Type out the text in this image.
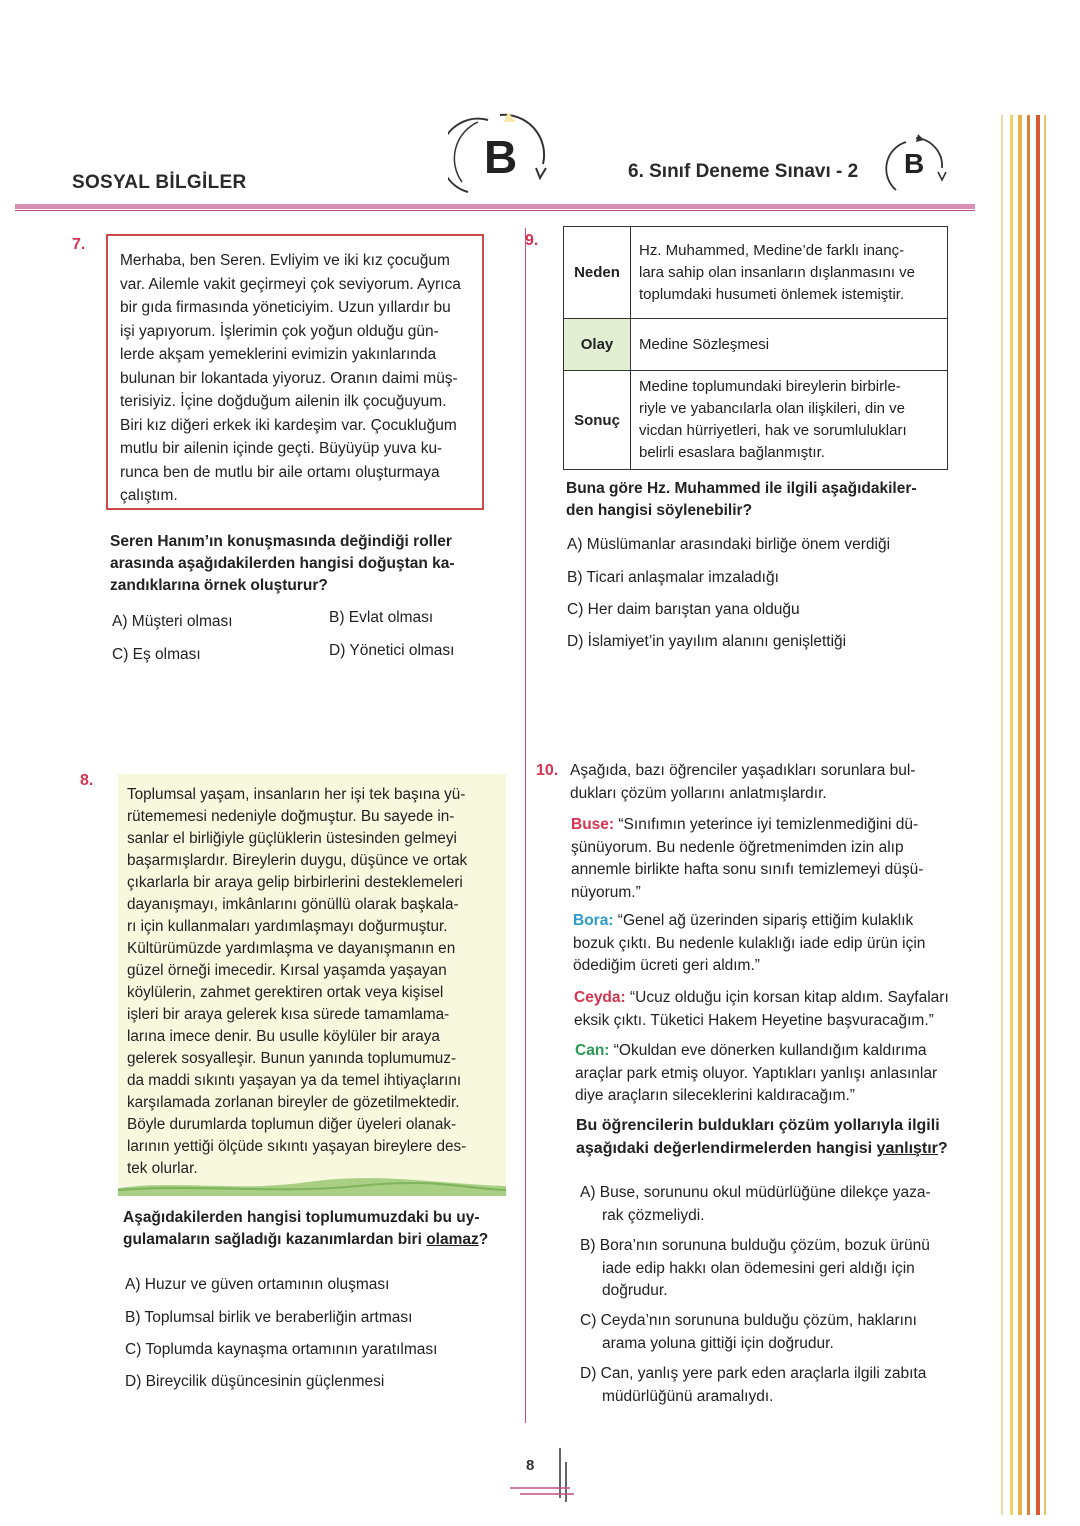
SOSYAL BİLGİLER	B	6. Sınıf Deneme Sınavı - 2 B
7.
Merhaba, ben Seren. Evliyim ve iki kız çocuğum
var. Ailemle vakit geçirmeyi çok seviyorum. Ayrıca
bir gıda firmasında yöneticiyim. Uzun yıllardır bu
işi yapıyorum. İşlerimin çok yoğun olduğu gün-
lerde akşam yemeklerini evimizin yakınlarında
bulunan bir lokantada yiyoruz. Oranın daimi müş-
terisiyiz. İçine doğduğum ailenin ilk çocuğuyum.
Biri kız diğeri erkek iki kardeşim var. Çocukluğum
mutlu bir ailenin içinde geçti. Büyüyüp yuva ku-
runca ben de mutlu bir aile ortamı oluşturmaya
çalıştım.
Seren Hanım’ın konuşmasında değindiği roller
arasında aşağıdakilerden hangisi doğuştan ka-
zandıklarına örnek oluşturur?
A) Müşteri olması	B) Evlat olması
C) Eş olması	D) Yönetici olması
9.
Neden	Hz. Muhammed, Medine’de farklı inanç-
lara sahip olan insanların dışlanmasını ve
toplumdaki husumeti önlemek istemiştir.

Olay	Medine Sözleşmesi

Sonuç	Medine toplumundaki bireylerin birbirle-
riyle ve yabancılarla olan ilişkileri, din ve
vicdan hürriyetleri, hak ve sorumlulukları
belirli esaslara bağlanmıştır.
Buna göre Hz. Muhammed ile ilgili aşağıdakiler-
den hangisi söylenebilir?
A) Müslümanlar arasındaki birliğe önem verdiği
B) Ticari anlaşmalar imzaladığı
C) Her daim barıştan yana olduğu
D) İslamiyet’in yayılım alanını genişlettiği
8.
Toplumsal yaşam, insanların her işi tek başına yü-
rütememesi nedeniyle doğmuştur. Bu sayede in-
sanlar el birliğiyle güçlüklerin üstesinden gelmeyi
başarmışlardır. Bireylerin duygu, düşünce ve ortak
çıkarlarla bir araya gelip birbirlerini desteklemeleri
dayanışmayı, imkânlarını gönüllü olarak başkala-
rı için kullanmaları yardımlaşmayı doğurmuştur.
Kültürümüzde yardımlaşma ve dayanışmanın en
güzel örneği imecedir. Kırsal yaşamda yaşayan
köylülerin, zahmet gerektiren ortak veya kişisel
işleri bir araya gelerek kısa sürede tamamlama-
larına imece denir. Bu usulle köylüler bir araya
gelerek sosyalleşir. Bunun yanında toplumumuz-
da maddi sıkıntı yaşayan ya da temel ihtiyaçlarını
karşılamada zorlanan bireyler de gözetilmektedir.
Böyle durumlarda toplumun diğer üyeleri olanak-
larının yettiği ölçüde sıkıntı yaşayan bireylere des-
tek olurlar.
Aşağıdakilerden hangisi toplumumuzdaki bu uy-
gulamaların sağladığı kazanımlardan biri olamaz?
A) Huzur ve güven ortamının oluşması
B) Toplumsal birlik ve beraberliğin artması
C) Toplumda kaynaşma ortamının yaratılması
D) Bireycilik düşüncesinin güçlenmesi
10. Aşağıda, bazı öğrenciler yaşadıkları sorunlara bul-
dukları çözüm yollarını anlatmışlardır.
Buse: “Sınıfımın yeterince iyi temizlenmediğini dü-
şünüyorum. Bu nedenle öğretmenimden izin alıp
annemle birlikte hafta sonu sınıfı temizlemeyi düşü-
nüyorum.”
Bora: “Genel ağ üzerinden sipariş ettiğim kulaklık
bozuk çıktı. Bu nedenle kulaklığı iade edip ürün için
ödediğim ücreti geri aldım.”
Ceyda: “Ucuz olduğu için korsan kitap aldım. Sayfaları
eksik çıktı. Tüketici Hakem Heyetine başvuracağım.”
Can: “Okuldan eve dönerken kullandığım kaldırıma
araçlar park etmiş oluyor. Yaptıkları yanlışı anlasınlar
diye araçların sileceklerini kaldıracağım.”
Bu öğrencilerin buldukları çözüm yollarıyla ilgili
aşağıdaki değerlendirmelerden hangisi yanlıştır?
A) Buse, sorununu okul müdürlüğüne dilekçe yaza-
rak çözmeliydi.
B) Bora’nın sorununa bulduğu çözüm, bozuk ürünü
iade edip hakkı olan ödemesini geri aldığı için
doğrudur.
C) Ceyda’nın sorununa bulduğu çözüm, haklarını
arama yoluna gittiği için doğrudur.
D) Can, yanlış yere park eden araçlarla ilgili zabıta
müdürlüğünü aramalıydı.
8
